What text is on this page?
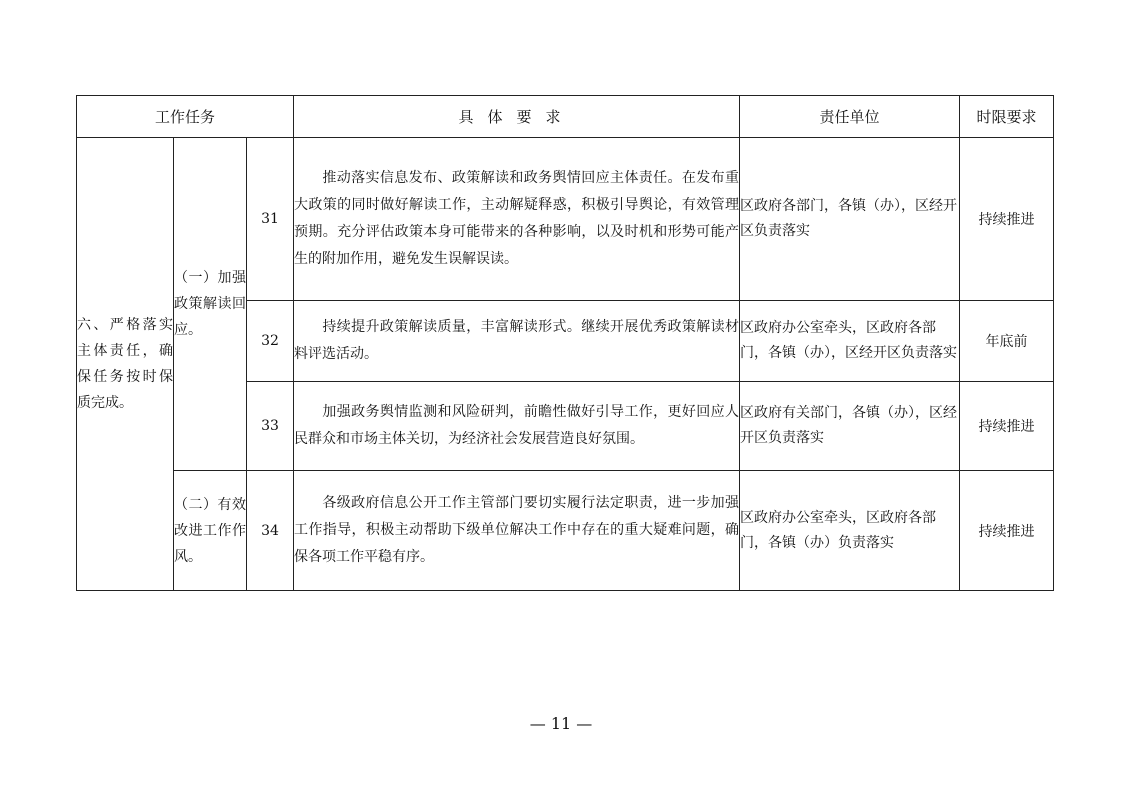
工作任务			具体要求	责任单位	时限要求
六、严格落实主体责任，确保任务按时保质完成。	（一）加强政策解读回应。	31	推动落实信息发布、政策解读和政务舆情回应主体责任。在发布重大政策的同时做好解读工作，主动解疑释惑，积极引导舆论，有效管理预期。充分评估政策本身可能带来的各种影响，以及时机和形势可能产生的附加作用，避免发生误解误读。	区政府各部门，各镇（办），区经开区负责落实	持续推进
		32	持续提升政策解读质量，丰富解读形式。继续开展优秀政策解读材料评选活动。	区政府办公室牵头，区政府各部门，各镇（办），区经开区负责落实	年底前
		33	加强政务舆情监测和风险研判，前瞻性做好引导工作，更好回应人民群众和市场主体关切，为经济社会发展营造良好氛围。	区政府有关部门，各镇（办），区经开区负责落实	持续推进
	（二）有效改进工作作风。	34	各级政府信息公开工作主管部门要切实履行法定职责，进一步加强工作指导，积极主动帮助下级单位解决工作中存在的重大疑难问题，确保各项工作平稳有序。	区政府办公室牵头，区政府各部门，各镇（办）负责落实	持续推进
— 11 —
